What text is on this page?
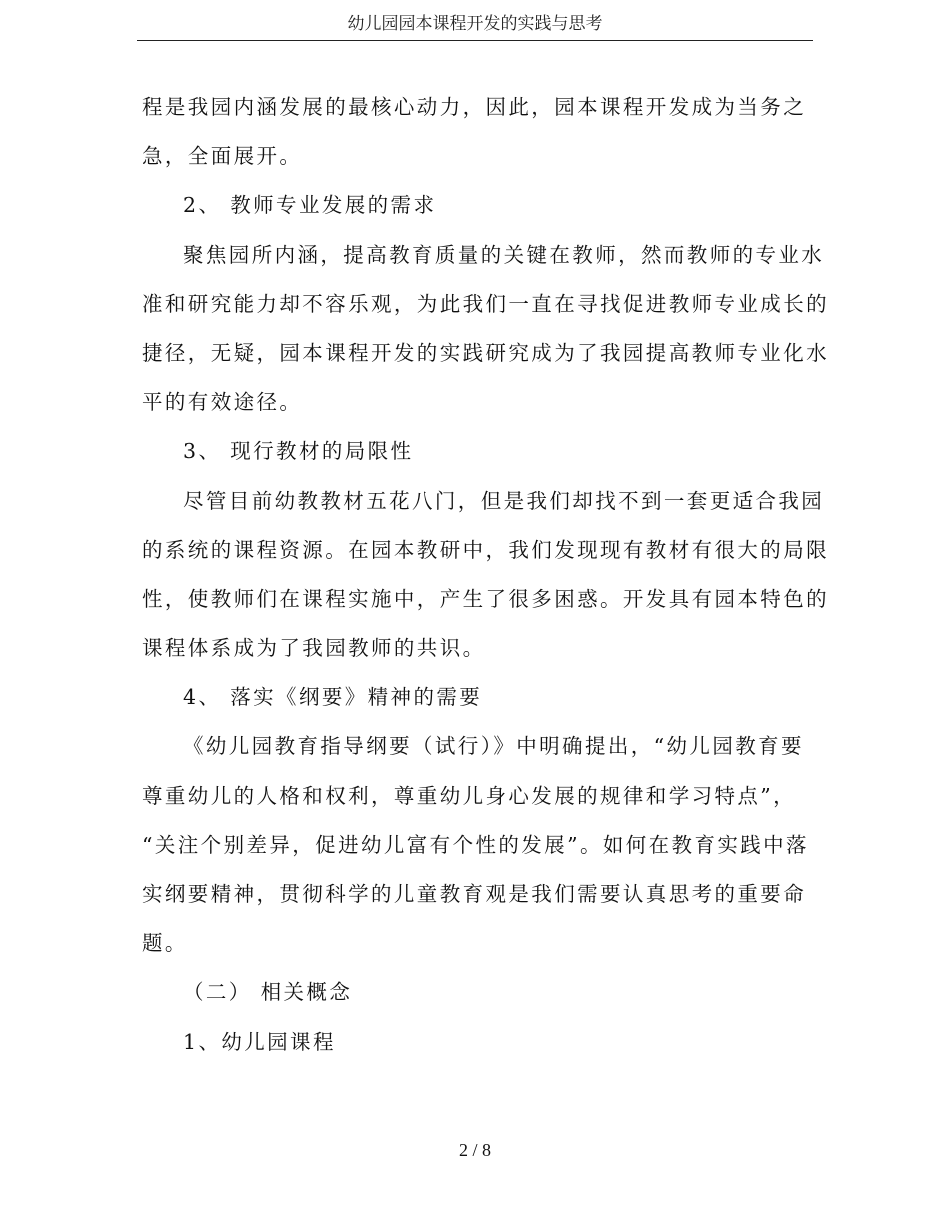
幼儿园园本课程开发的实践与思考
程是我园内涵发展的最核心动力，因此，园本课程开发成为当务之
急，全面展开。
2、 教师专业发展的需求
聚焦园所内涵，提高教育质量的关键在教师，然而教师的专业水
准和研究能力却不容乐观，为此我们一直在寻找促进教师专业成长的
捷径，无疑，园本课程开发的实践研究成为了我园提高教师专业化水
平的有效途径。
3、 现行教材的局限性
尽管目前幼教教材五花八门，但是我们却找不到一套更适合我园
的系统的课程资源。在园本教研中，我们发现现有教材有很大的局限
性，使教师们在课程实施中，产生了很多困惑。开发具有园本特色的
课程体系成为了我园教师的共识。
4、 落实《纲要》精神的需要
《幼儿园教育指导纲要（试行）》中明确提出，“幼儿园教育要
尊重幼儿的人格和权利，尊重幼儿身心发展的规律和学习特点”，
“关注个别差异，促进幼儿富有个性的发展”。如何在教育实践中落
实纲要精神，贯彻科学的儿童教育观是我们需要认真思考的重要命
题。
（二） 相关概念
1、幼儿园课程
2 / 8
